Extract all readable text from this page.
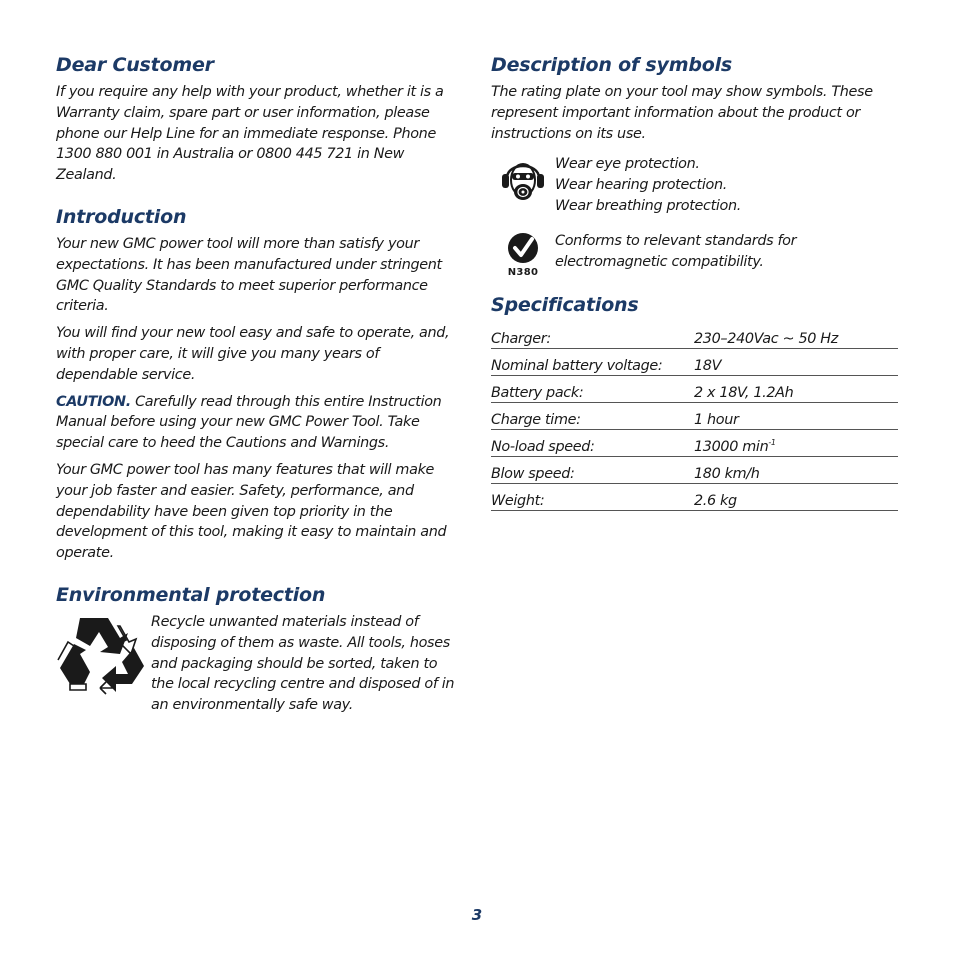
Dear Customer

If you require any help with your product, whether it is a Warranty claim, spare part or user information, please phone our Help Line for an immediate response. Phone 1300 880 001 in Australia or 0800 445 721 in New Zealand.

Introduction

Your new GMC power tool will more than satisfy your expectations. It has been manufactured under stringent GMC Quality Standards to meet superior performance criteria.

You will find your new tool easy and safe to operate, and, with proper care, it will give you many years of dependable service.

CAUTION. Carefully read through this entire Instruction Manual before using your new GMC Power Tool. Take special care to heed the Cautions and Warnings.

Your GMC power tool has many features that will make your job faster and easier. Safety, performance, and dependability have been given top priority in the development of this tool, making it easy to maintain and operate.

Environmental protection

Recycle unwanted materials instead of disposing of them as waste. All tools, hoses and packaging should be sorted, taken to the local recycling centre and disposed of in an environmentally safe way.

Description of symbols

The rating plate on your tool may show symbols. These represent important information about the product or instructions on its use.

Wear eye protection.
Wear hearing protection.
Wear breathing protection.
N380
Conforms to relevant standards for
electromagnetic compatibility.
Specifications
Charger:	230–240Vac ~ 50 Hz
Nominal battery voltage:	18V
Battery pack:	2 x 18V, 1.2Ah
Charge time:	1 hour
No-load speed:	13000 $\min^{-1}$
Blow speed:	180 km/h
Weight:	2.6 kg
3
